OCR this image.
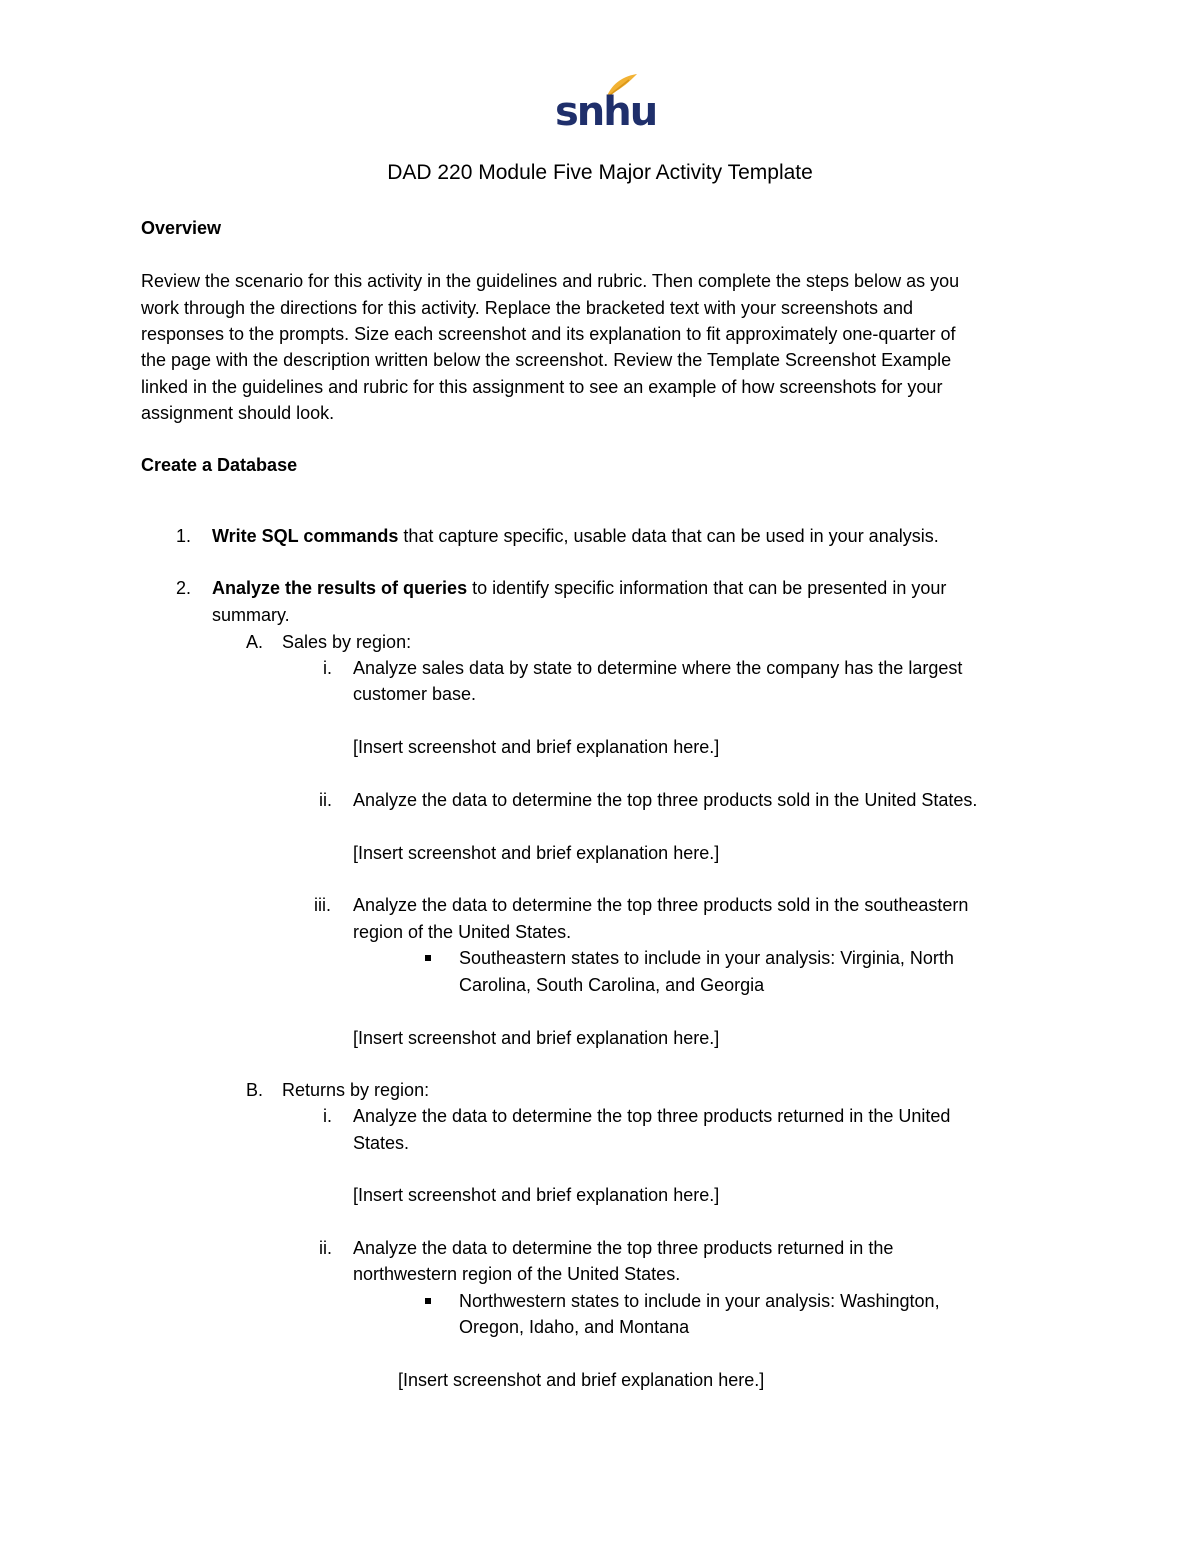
snhu
DAD 220 Module Five Major Activity Template
Overview
Review the scenario for this activity in the guidelines and rubric. Then complete the steps below as you
work through the directions for this activity. Replace the bracketed text with your screenshots and
responses to the prompts. Size each screenshot and its explanation to fit approximately one-quarter of
the page with the description written below the screenshot. Review the Template Screenshot Example
linked in the guidelines and rubric for this assignment to see an example of how screenshots for your
assignment should look.
Create a Database
1. Write SQL commands that capture specific, usable data that can be used in your analysis.
2. Analyze the results of queries to identify specific information that can be presented in your
summary.
A. Sales by region:
i. Analyze sales data by state to determine where the company has the largest
customer base.
[Insert screenshot and brief explanation here.]
ii. Analyze the data to determine the top three products sold in the United States.
[Insert screenshot and brief explanation here.]
iii. Analyze the data to determine the top three products sold in the southeastern
region of the United States.
Southeastern states to include in your analysis: Virginia, North
Carolina, South Carolina, and Georgia
[Insert screenshot and brief explanation here.]
B. Returns by region:
i. Analyze the data to determine the top three products returned in the United
States.
[Insert screenshot and brief explanation here.]
ii. Analyze the data to determine the top three products returned in the
northwestern region of the United States.
Northwestern states to include in your analysis: Washington,
Oregon, Idaho, and Montana
[Insert screenshot and brief explanation here.]
